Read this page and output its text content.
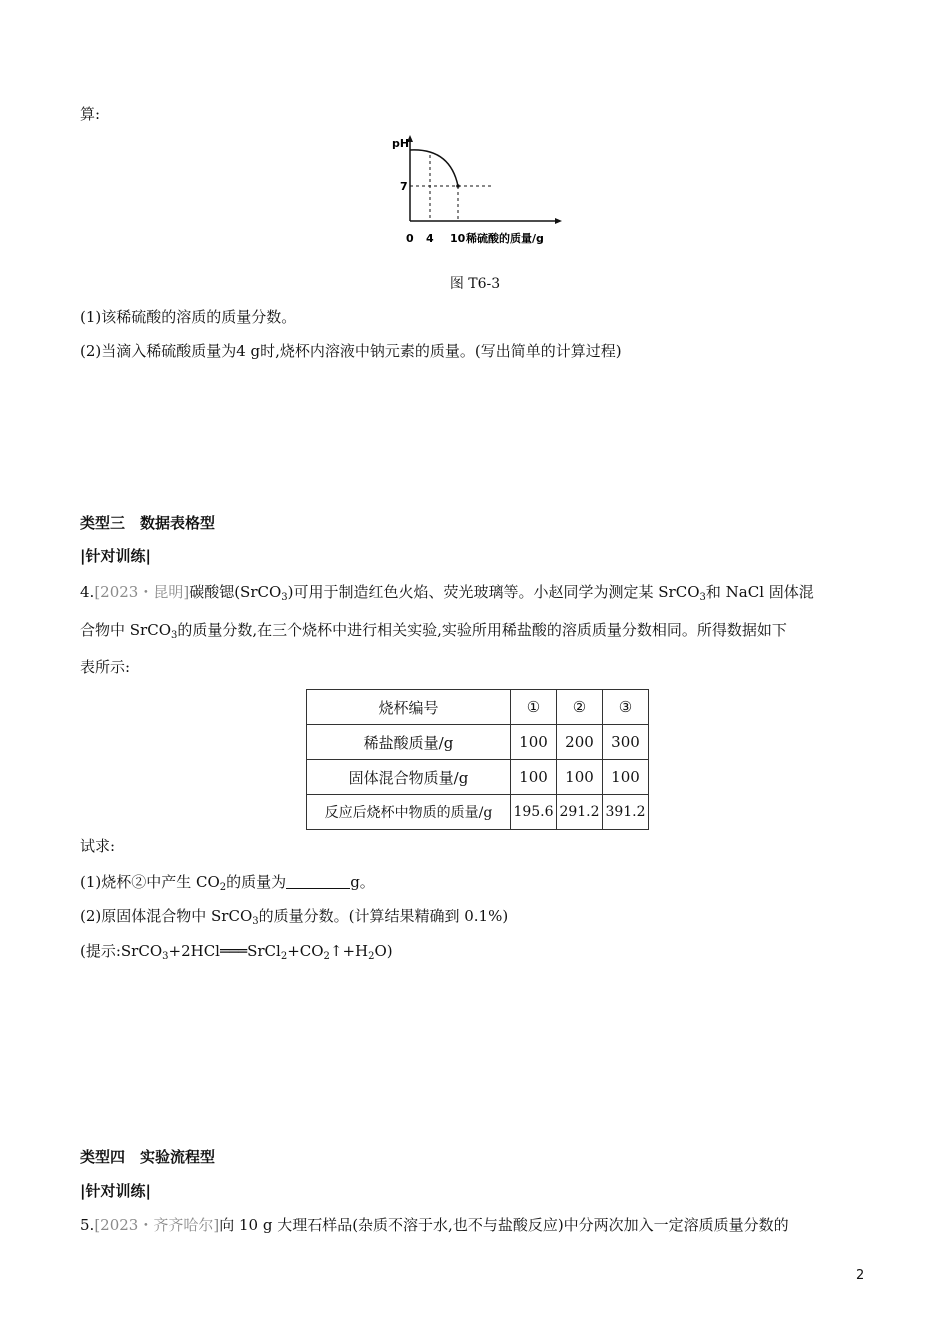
算:
pH
7
0 4 10 稀硫酸的质量/g
图 T6-3
(1)该稀硫酸的溶质的质量分数。
(2)当滴入稀硫酸质量为4 g时,烧杯内溶液中钠元素的质量。(写出简单的计算过程)
类型三　数据表格型
|针对训练|
4.[2023・昆明]碳酸锶(SrCO$_3$)可用于制造红色火焰、荧光玻璃等。小赵同学为测定某 SrCO$_3$和 NaCl 固体混
合物中 SrCO$_3$的质量分数,在三个烧杯中进行相关实验,实验所用稀盐酸的溶质质量分数相同。所得数据如下
表所示:
烧杯编号	①	②	③
稀盐酸质量/g	100	200	300
固体混合物质量/g	100	100	100
反应后烧杯中物质的质量/g	195.6	291.2	391.2
试求:
(1)烧杯②中产生 $CO_2$的质量为	g。
(2)原固体混合物中 SrCO$_3$的质量分数。(计算结果精确到 0.1%)
(提示$:SrCO_3+2HCl═══SrCl_2+CO_2↑+H_2O$)
类型四　实验流程型
|针对训练|
5.[2023・齐齐哈尔]向 10 g 大理石样品(杂质不溶于水,也不与盐酸反应)中分两次加入一定溶质质量分数的
2
